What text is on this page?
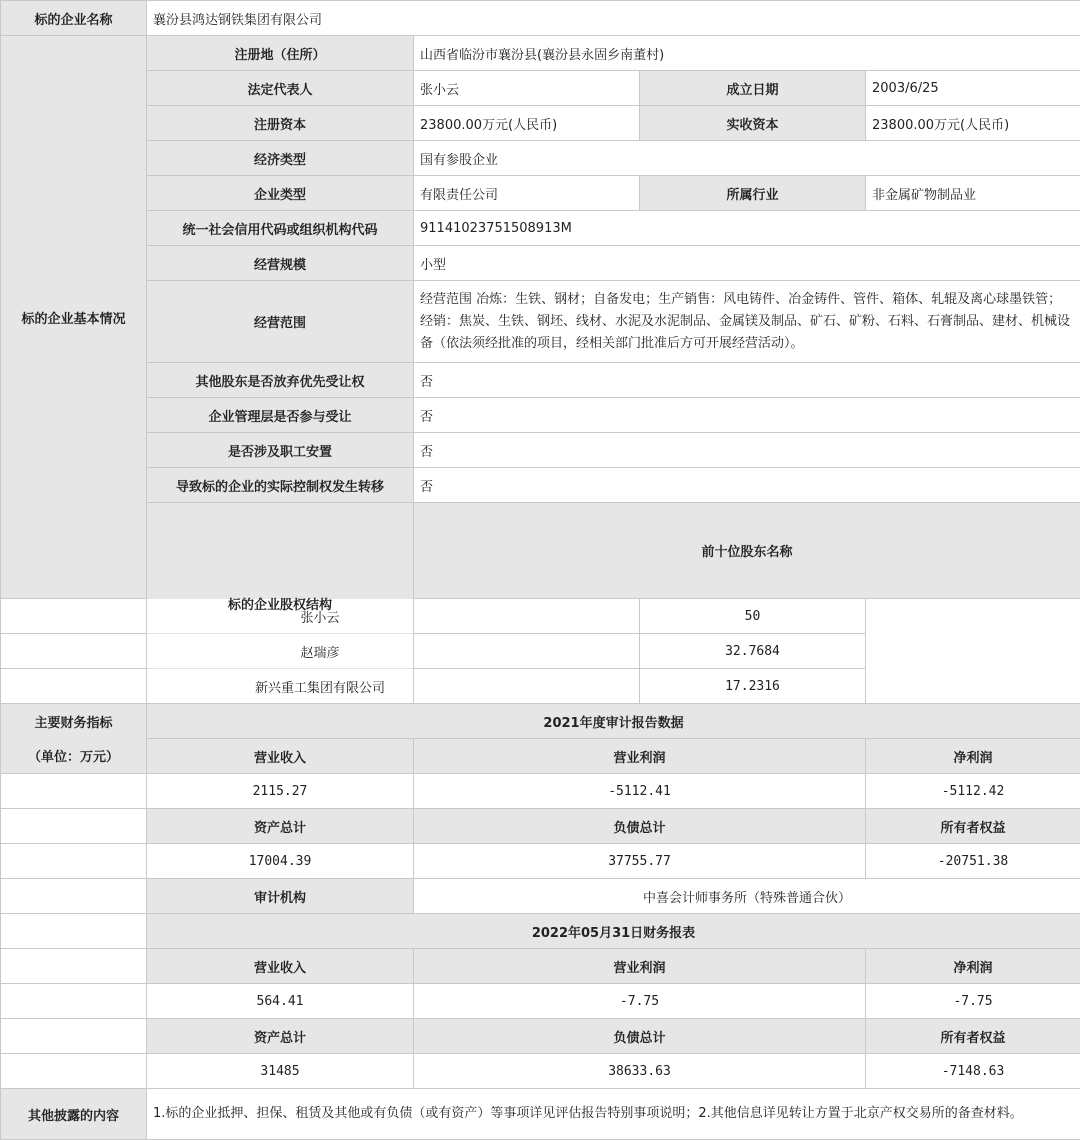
标的企业名称	襄汾县鸿达钢铁集团有限公司				
标的企业基本情况	注册地（住所）	山西省临汾市襄汾县(襄汾县永固乡南董村)			
	法定代表人	张小云	成立日期	2003/6/25	
	注册资本	23800.00万元(人民币)	实收资本	23800.00万元(人民币)	
	经济类型	国有参股企业			
	企业类型	有限责任公司	所属行业	非金属矿物制品业	
	统一社会信用代码或组织机构代码	91141023751508913M			
	经营规模	小型			
	经营范围	经营范围 冶炼：生铁、钢材；自备发电；生产销售：风电铸件、冶金铸件、管件、箱体、轧辊及离心球墨铁管；经销：焦炭、生铁、钢坯、线材、水泥及水泥制品、金属镁及制品、矿石、矿粉、石料、石膏制品、建材、机械设备（依法须经批准的项目，经相关部门批准后方可开展经营活动）。			
	其他股东是否放弃优先受让权	否			
	企业管理层是否参与受让	否			
	是否涉及职工安置	否			
	导致标的企业的实际控制权发生转移	否			
	标的企业股权结构	前十位股东名称	
张小云			50		
赵瑞彦			32.7684		
新兴重工集团有限公司			17.2316		
主要财务指标	2021年度审计报告数据				
（单位：万元）	营业收入	营业利润		净利润	
	2115.27	-5112.41		-5112.42	
	资产总计	负债总计		所有者权益	
	17004.39	37755.77		-20751.38	
	审计机构	中喜会计师事务所（特殊普通合伙）			
	2022年05月31日财务报表				
	营业收入	营业利润		净利润	
	564.41	-7.75		-7.75	
	资产总计	负债总计		所有者权益	
	31485	38633.63		-7148.63	
其他披露的内容	1.标的企业抵押、担保、租赁及其他或有负债（或有资产）等事项详见评估报告特别事项说明；2.其他信息详见转让方置于北京产权交易所的备查材料。				
